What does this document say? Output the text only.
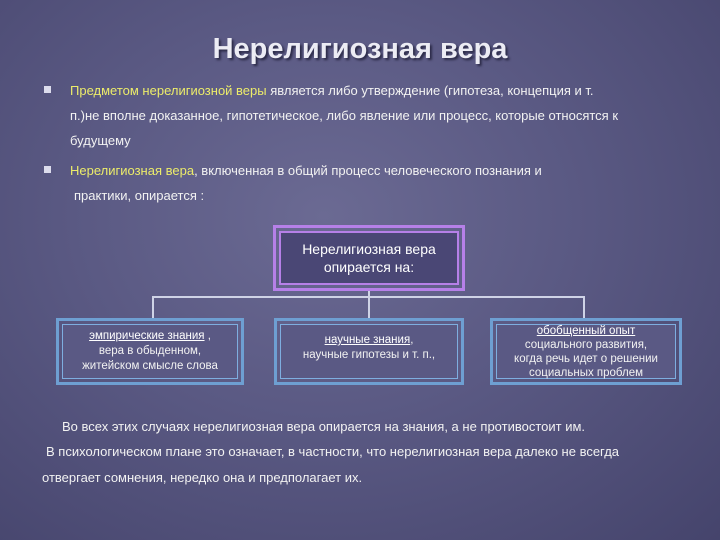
Нерелигиозная вера
Предметом нерелигиозной веры является либо утверждение (гипотеза, концепция и т.
п.)не вполне доказанное, гипотетическое, либо явление или процесс, которые относятся к
будущему
Нерелигиозная вера, включенная в общий процесс человеческого познания и
практики, опирается :
Нерелигиозная вера
опирается на:
эмпирические знания ,
вера в обыденном,
житейском смысле слова
научные знания,
научные гипотезы и т. п.,
обобщенный опыт
социального развития,
когда речь идет о решении
социальных проблем
Во всех этих случаях нерелигиозная вера опирается на знания, а не противостоит им.
В психологическом плане это означает, в частности, что нерелигиозная вера далеко не всегда
отвергает сомнения, нередко она и предполагает их.
